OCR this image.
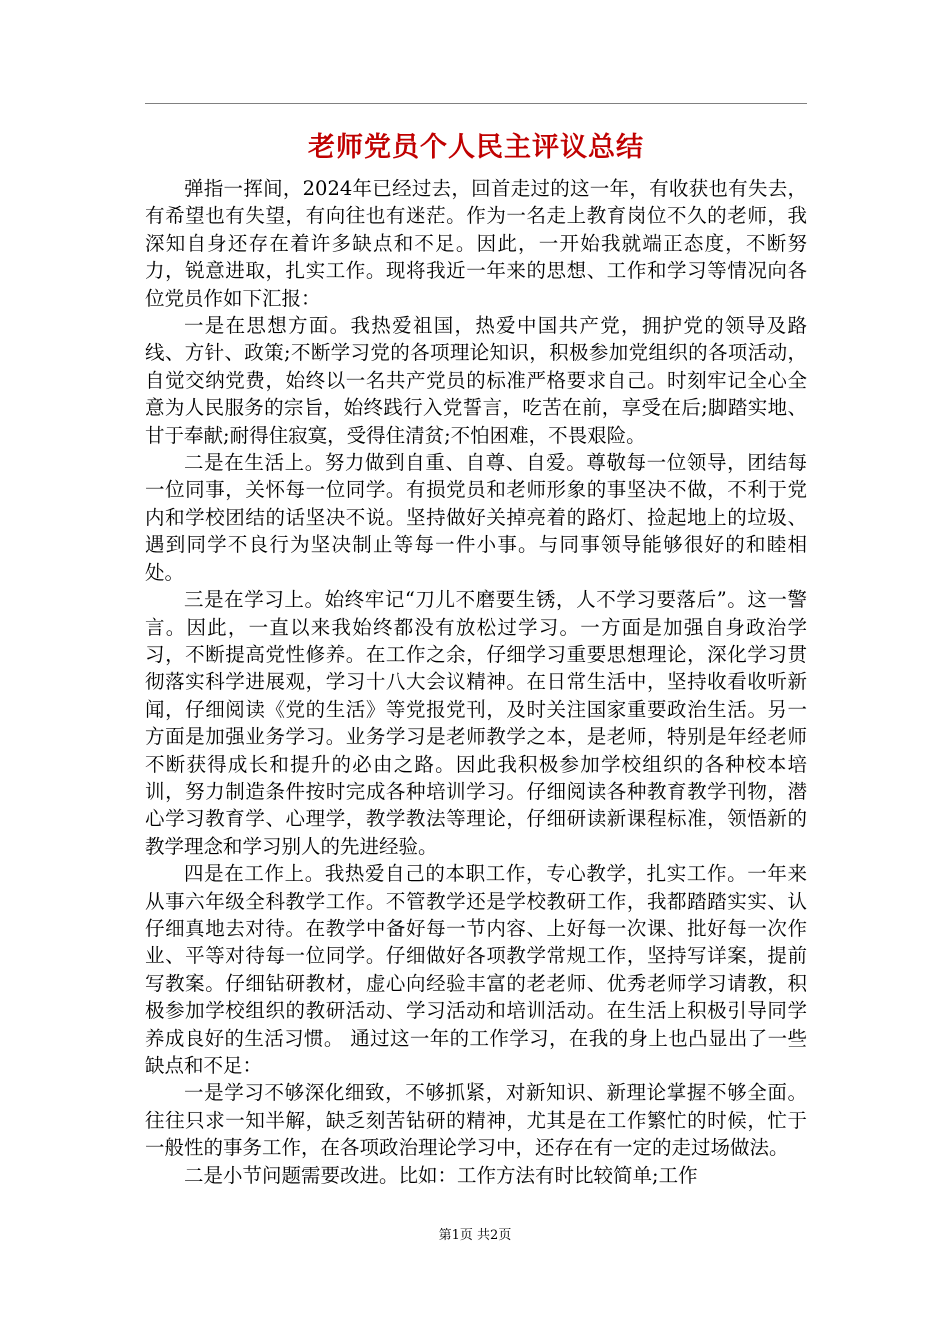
老师党员个人民主评议总结

弹指一挥间，2024年已经过去，回首走过的这一年，有收获也有失去，有希望也有失望，有向往也有迷茫。作为一名走上教育岗位不久的老师，我深知自身还存在着许多缺点和不足。因此，一开始我就端正态度，不断努力，锐意进取，扎实工作。现将我近一年来的思想、工作和学习等情况向各位党员作如下汇报：

一是在思想方面。我热爱祖国，热爱中国共产党，拥护党的领导及路线、方针、政策;不断学习党的各项理论知识，积极参加党组织的各项活动，自觉交纳党费，始终以一名共产党员的标准严格要求自己。时刻牢记全心全意为人民服务的宗旨，始终践行入党誓言，吃苦在前，享受在后;脚踏实地、甘于奉献;耐得住寂寞，受得住清贫;不怕困难，不畏艰险。

二是在生活上。努力做到自重、自尊、自爱。尊敬每一位领导，团结每一位同事，关怀每一位同学。有损党员和老师形象的事坚决不做，不利于党内和学校团结的话坚决不说。坚持做好关掉亮着的路灯、捡起地上的垃圾、遇到同学不良行为坚决制止等每一件小事。与同事领导能够很好的和睦相处。

三是在学习上。始终牢记“刀儿不磨要生锈，人不学习要落后”。这一警言。因此，一直以来我始终都没有放松过学习。一方面是加强自身政治学习，不断提高党性修养。在工作之余，仔细学习重要思想理论，深化学习贯彻落实科学进展观，学习十八大会议精神。在日常生活中，坚持收看收听新闻，仔细阅读《党的生活》等党报党刊，及时关注国家重要政治生活。另一方面是加强业务学习。业务学习是老师教学之本，是老师，特别是年经老师不断获得成长和提升的必由之路。因此我积极参加学校组织的各种校本培训，努力制造条件按时完成各种培训学习。仔细阅读各种教育教学刊物，潜心学习教育学、心理学，教学教法等理论，仔细研读新课程标准，领悟新的教学理念和学习别人的先进经验。

四是在工作上。我热爱自己的本职工作，专心教学，扎实工作。一年来从事六年级全科教学工作。不管教学还是学校教研工作，我都踏踏实实、认仔细真地去对待。在教学中备好每一节内容、上好每一次课、批好每一次作业、平等对待每一位同学。仔细做好各项教学常规工作，坚持写详案，提前写教案。仔细钻研教材，虚心向经验丰富的老老师、优秀老师学习请教，积极参加学校组织的教研活动、学习活动和培训活动。在生活上积极引导同学养成良好的生活习惯。 通过这一年的工作学习，在我的身上也凸显出了一些缺点和不足：

一是学习不够深化细致，不够抓紧，对新知识、新理论掌握不够全面。往往只求一知半解，缺乏刻苦钻研的精神，尤其是在工作繁忙的时候，忙于一般性的事务工作，在各项政治理论学习中，还存在有一定的走过场做法。

二是小节问题需要改进。比如：工作方法有时比较简单;工作

第1页 共2页
